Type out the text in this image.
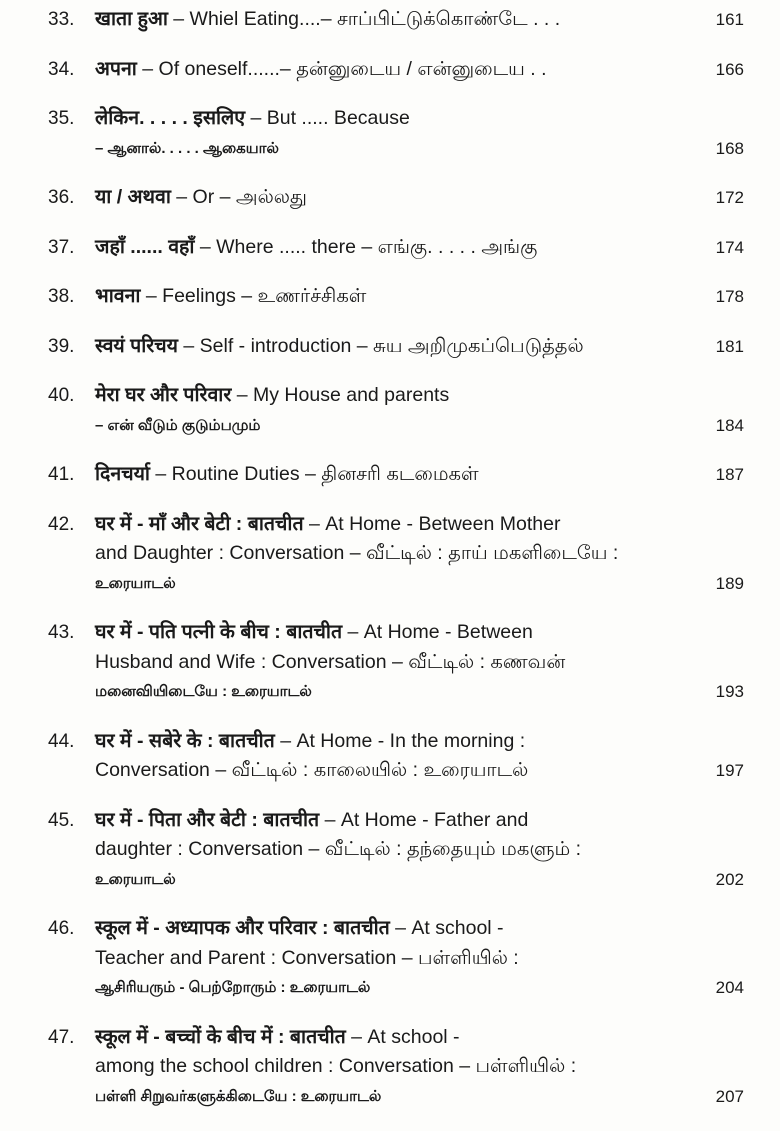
33.	खाता हुआ – Whiel Eating....– சாப்பிட்டுக்கொண்டே . . .	161
34.	अपना – Of oneself......– தன்னுடைய / என்னுடைய . .	166
35.	लेकिन. . . . . इसलिए – But ..... Because
– ஆனால். . . . . ஆகையால்	168
36.	या / अथवा – Or – அல்லது	172
37.	जहाँ ...... वहाँ – Where ..... there – எங்கு. . . . . அங்கு	174
38.	भावना – Feelings – உணர்ச்சிகள்	178
39.	स्वयं परिचय – Self - introduction – சுய அறிமுகப்பெடுத்தல்	181
40.	मेरा घर और परिवार – My House and parents
– என் வீடும் குடும்பமும்	184
41.	दिनचर्या – Routine Duties – தினசரி கடமைகள்	187
42.	घर में - माँ और बेटी : बातचीत – At Home - Between Mother
and Daughter : Conversation – வீட்டில் : தாய் மகளிடையே :
உரையாடல்	189
43.	घर में - पति पत्नी के बीच : बातचीत – At Home - Between
Husband and Wife : Conversation – வீட்டில் : கணவன்
மனைவியிடையே : உரையாடல்	193
44.	घर में - सबेरे के : बातचीत – At Home - In the morning :
Conversation – வீட்டில் : காலையில் : உரையாடல்	197
45.	घर में - पिता और बेटी : बातचीत – At Home - Father and
daughter : Conversation – வீட்டில் : தந்தையும் மகளும் :
உரையாடல்	202
46.	स्कूल में - अध्यापक और परिवार : बातचीत – At school -
Teacher and Parent : Conversation – பள்ளியில் :
ஆசிரியரும் - பெற்றோரும் : உரையாடல்	204
47.	स्कूल में - बच्चों के बीच में : बातचीत – At school -
among the school children : Conversation – பள்ளியில் :
பள்ளி சிறுவர்களுக்கிடையே : உரையாடல்	207
